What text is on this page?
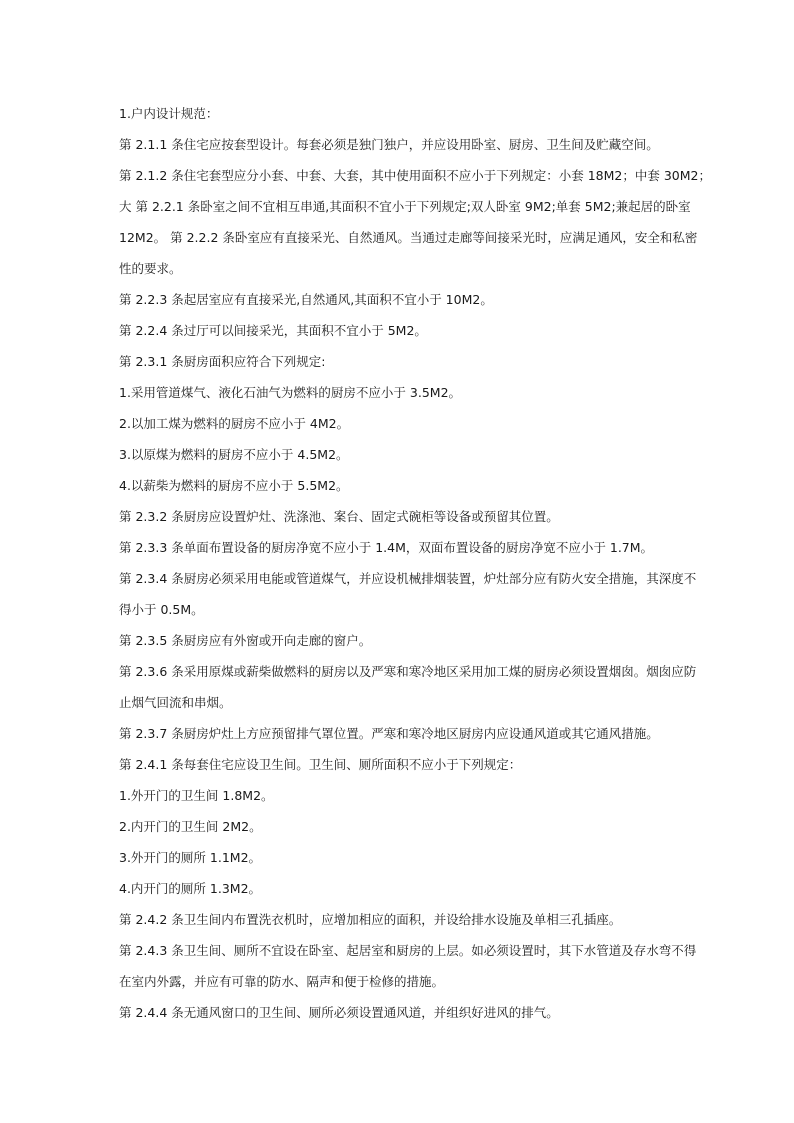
1.户内设计规范：
第 2.1.1 条住宅应按套型设计。每套必须是独门独户，并应设用卧室、厨房、卫生间及贮藏空间。
第 2.1.2 条住宅套型应分小套、中套、大套，其中使用面积不应小于下列规定：小套 18M2；中套 30M2；
大 第 2.2.1 条卧室之间不宜相互串通,其面积不宜小于下列规定;双人卧室 9M2;单套 5M2;兼起居的卧室
12M2。 第 2.2.2 条卧室应有直接采光、自然通风。当通过走廊等间接采光时，应满足通风，安全和私密
性的要求。
第 2.2.3 条起居室应有直接采光,自然通风,其面积不宜小于 10M2。
第 2.2.4 条过厅可以间接采光，其面积不宜小于 5M2。
第 2.3.1 条厨房面积应符合下列规定:
1.采用管道煤气、液化石油气为燃料的厨房不应小于 3.5M2。
2.以加工煤为燃料的厨房不应小于 4M2。
3.以原煤为燃料的厨房不应小于 4.5M2。
4.以薪柴为燃料的厨房不应小于 5.5M2。
第 2.3.2 条厨房应设置炉灶、洗涤池、案台、固定式碗柜等设备或预留其位置。
第 2.3.3 条单面布置设备的厨房净宽不应小于 1.4M，双面布置设备的厨房净宽不应小于 1.7M。
第 2.3.4 条厨房必须采用电能或管道煤气，并应设机械排烟装置，炉灶部分应有防火安全措施，其深度不
得小于 0.5M。
第 2.3.5 条厨房应有外窗或开向走廊的窗户。
第 2.3.6 条采用原煤或薪柴做燃料的厨房以及严寒和寒冷地区采用加工煤的厨房必须设置烟囱。烟囱应防
止烟气回流和串烟。
第 2.3.7 条厨房炉灶上方应预留排气罩位置。严寒和寒冷地区厨房内应设通风道或其它通风措施。
第 2.4.1 条每套住宅应设卫生间。卫生间、厕所面积不应小于下列规定：
1.外开门的卫生间 1.8M2。
2.内开门的卫生间 2M2。
3.外开门的厕所 1.1M2。
4.内开门的厕所 1.3M2。
第 2.4.2 条卫生间内布置洗衣机时，应增加相应的面积，并设给排水设施及单相三孔插座。
第 2.4.3 条卫生间、厕所不宜设在卧室、起居室和厨房的上层。如必须设置时，其下水管道及存水弯不得
在室内外露，并应有可靠的防水、隔声和便于检修的措施。
第 2.4.4 条无通风窗口的卫生间、厕所必须设置通风道，并组织好进风的排气。
